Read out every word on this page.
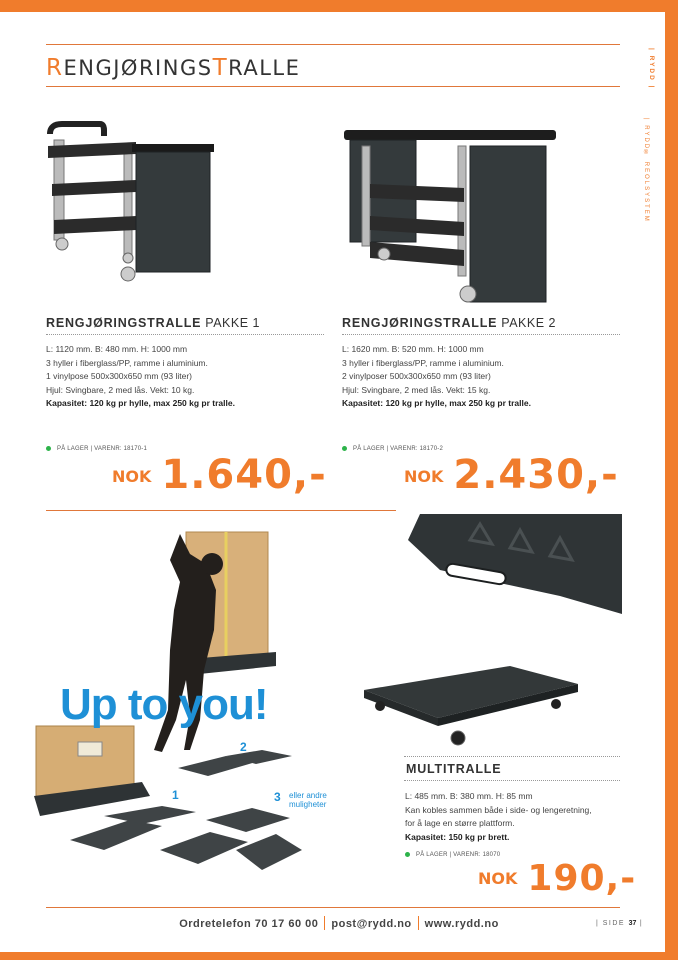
RENGJØRINGSTRALLE	| RYDD |
| RYDD® REOLSYSTEM
RENGJØRINGSTRALLE PAKKE 1
L: 1120 mm. B: 480 mm. H: 1000 mm
3 hyller i fiberglass/PP, ramme i aluminium.
1 vinylpose 500x300x650 mm (93 liter)
Hjul: Svingbare, 2 med lås. Vekt: 10 kg.
Kapasitet: 120 kg pr hylle, max 250 kg pr tralle.
PÅ LAGER | VARENR: 18170-1
NOK 1.640,-
RENGJØRINGSTRALLE PAKKE 2
L: 1620 mm. B: 520 mm. H: 1000 mm
3 hyller i fiberglass/PP, ramme i aluminium.
2 vinylposer 500x300x650 mm (93 liter)
Hjul: Svingbare, 2 med lås. Vekt: 15 kg.
Kapasitet: 120 kg pr hylle, max 250 kg pr tralle.
PÅ LAGER | VARENR: 18170-2
NOK 2.430,-
Up to you!
2
1	3 eller andre
muligheter
MULTITRALLE
L: 485 mm. B: 380 mm. H: 85 mm
Kan kobles sammen både i side- og lengeretning,
for å lage en større plattform.
Kapasitet: 150 kg pr brett.
PÅ LAGER | VARENR: 18070
NOK 190,-
Ordretelefon 70 17 60 00 post@rydd.no www.rydd.no	| SIDE 37 |
